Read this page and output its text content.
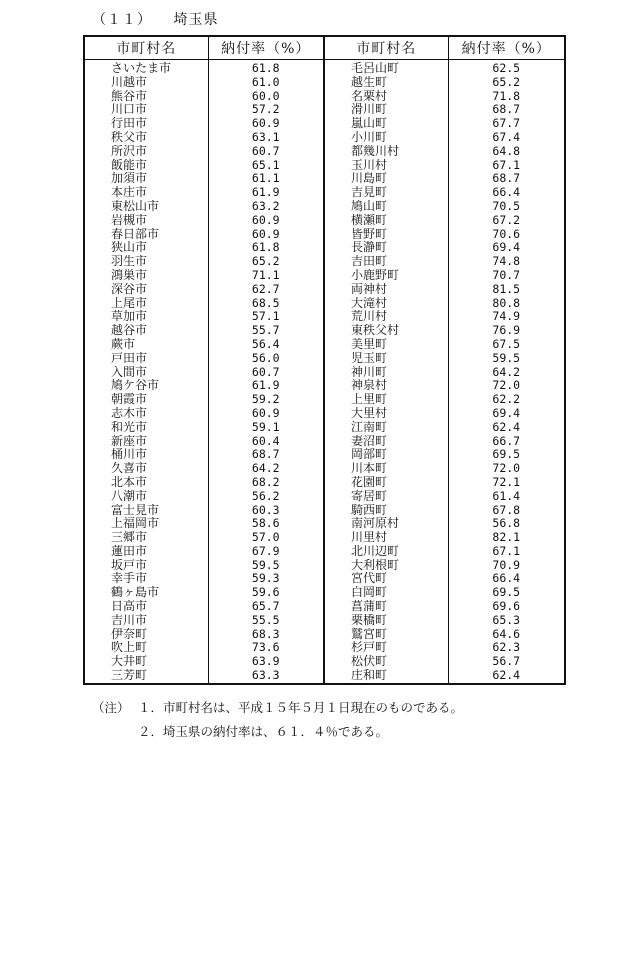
（１１） 埼玉県
市町村名	納付率（%）	市町村名	納付率（%）
さいたま市	61.8	毛呂山町	62.5
川越市	61.0	越生町	65.2
熊谷市	60.0	名栗村	71.8
川口市	57.2	滑川町	68.7
行田市	60.9	嵐山町	67.7
秩父市	63.1	小川町	67.4
所沢市	60.7	都幾川村	64.8
飯能市	65.1	玉川村	67.1
加須市	61.1	川島町	68.7
本庄市	61.9	吉見町	66.4
東松山市	63.2	鳩山町	70.5
岩槻市	60.9	横瀬町	67.2
春日部市	60.9	皆野町	70.6
狭山市	61.8	長瀞町	69.4
羽生市	65.2	吉田町	74.8
鴻巣市	71.1	小鹿野町	70.7
深谷市	62.7	両神村	81.5
上尾市	68.5	大滝村	80.8
草加市	57.1	荒川村	74.9
越谷市	55.7	東秩父村	76.9
蕨市	56.4	美里町	67.5
戸田市	56.0	児玉町	59.5
入間市	60.7	神川町	64.2
鳩ケ谷市	61.9	神泉村	72.0
朝霞市	59.2	上里町	62.2
志木市	60.9	大里村	69.4
和光市	59.1	江南町	62.4
新座市	60.4	妻沼町	66.7
桶川市	68.7	岡部町	69.5
久喜市	64.2	川本町	72.0
北本市	68.2	花園町	72.1
八潮市	56.2	寄居町	61.4
富士見市	60.3	騎西町	67.8
上福岡市	58.6	南河原村	56.8
三郷市	57.0	川里村	82.1
蓮田市	67.9	北川辺町	67.1
坂戸市	59.5	大利根町	70.9
幸手市	59.3	宮代町	66.4
鶴ヶ島市	59.6	白岡町	69.5
日高市	65.7	菖蒲町	69.6
吉川市	55.5	栗橋町	65.3
伊奈町	68.3	鷲宮町	64.6
吹上町	73.6	杉戸町	62.3
大井町	63.9	松伏町	56.7
三芳町	63.3	庄和町	62.4
（注） １．市町村名は、平成１５年５月１日現在のものである。
２．埼玉県の納付率は、６１．４％である。
